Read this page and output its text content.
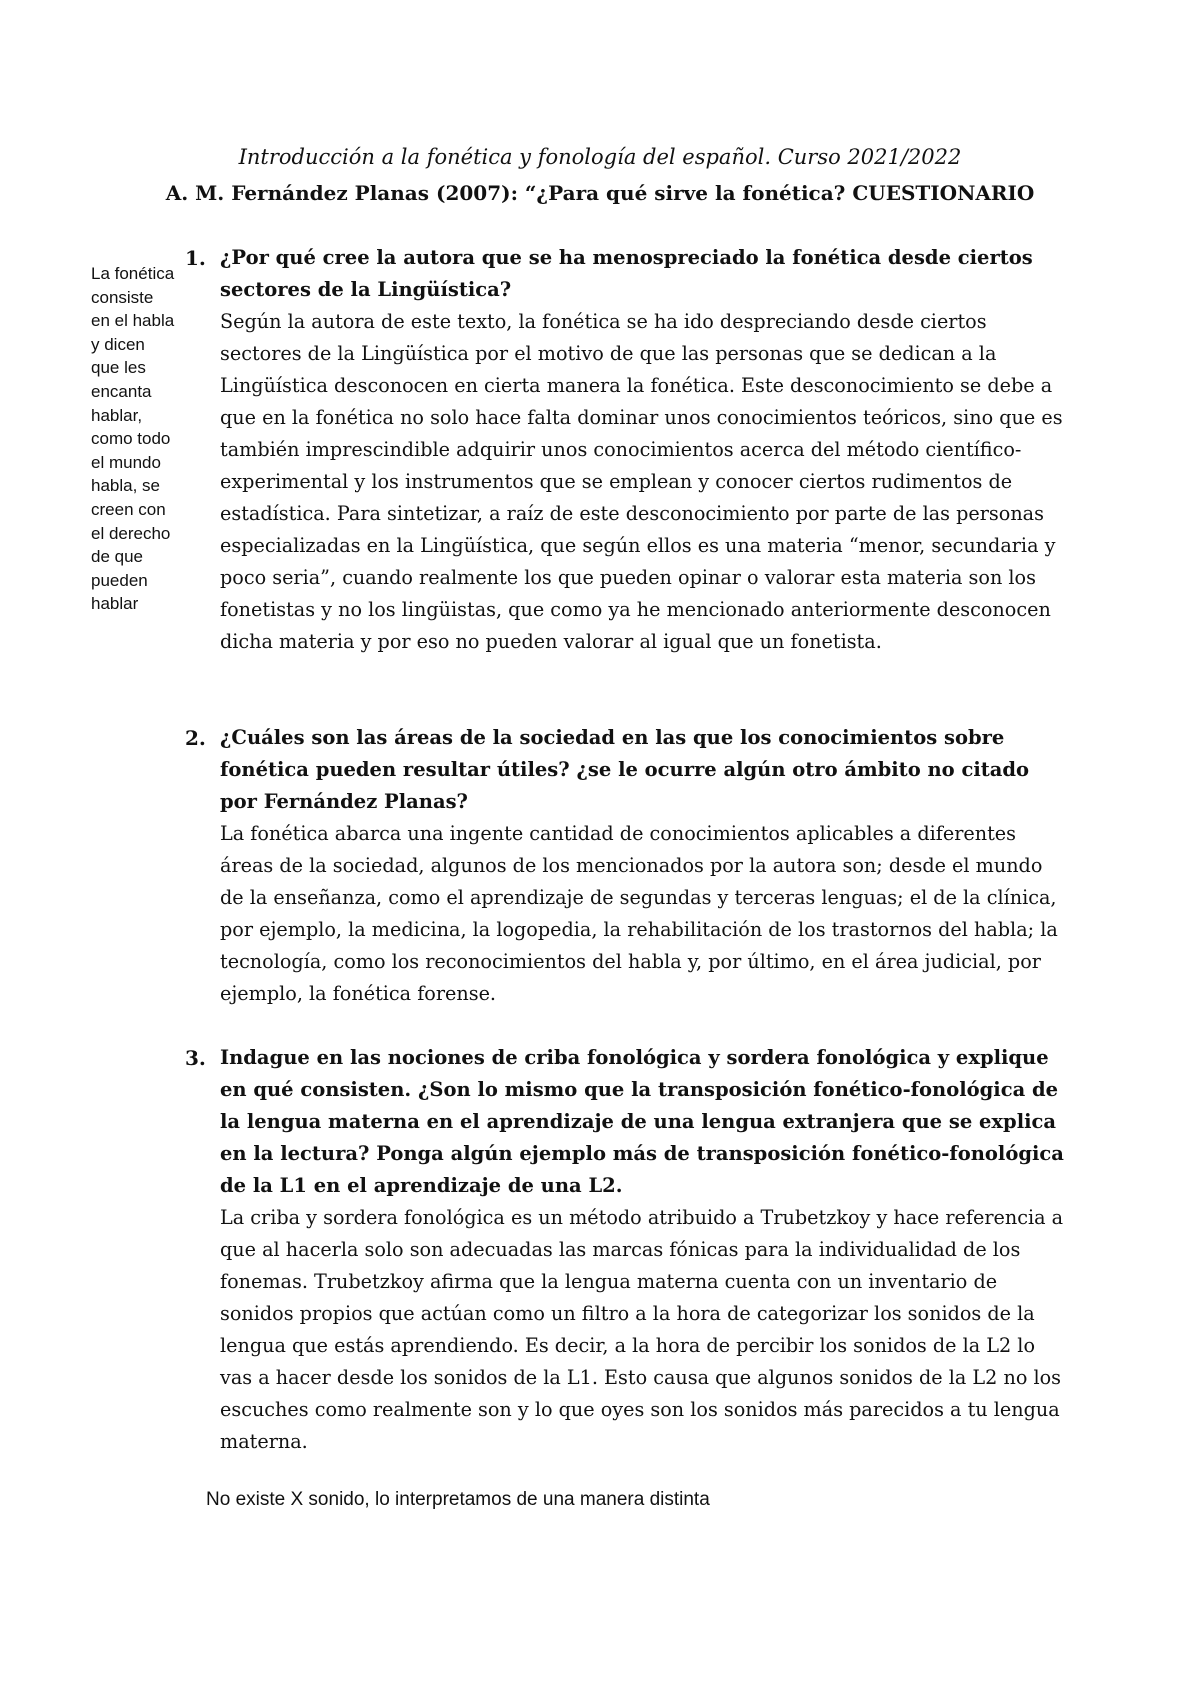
Introducción a la fonética y fonología del español. Curso 2021/2022
A. M. Fernández Planas (2007): “¿Para qué sirve la fonética? CUESTIONARIO
La fonética consiste en el habla y dicen que les encanta hablar, como todo el mundo habla, se creen con el derecho de que pueden hablar
1. ¿Por qué cree la autora que se ha menospreciado la fonética desde ciertos sectores de la Lingüística?
Según la autora de este texto, la fonética se ha ido despreciando desde ciertos sectores de la Lingüística por el motivo de que las personas que se dedican a la Lingüística desconocen en cierta manera la fonética. Este desconocimiento se debe a que en la fonética no solo hace falta dominar unos conocimientos teóricos, sino que es también imprescindible adquirir unos conocimientos acerca del método científico-experimental y los instrumentos que se emplean y conocer ciertos rudimentos de estadística. Para sintetizar, a raíz de este desconocimiento por parte de las personas especializadas en la Lingüística, que según ellos es una materia “menor, secundaria y poco seria”, cuando realmente los que pueden opinar o valorar esta materia son los fonetistas y no los lingüistas, que como ya he mencionado anteriormente desconocen dicha materia y por eso no pueden valorar al igual que un fonetista.
2. ¿Cuáles son las áreas de la sociedad en las que los conocimientos sobre fonética pueden resultar útiles? ¿se le ocurre algún otro ámbito no citado por Fernández Planas?
La fonética abarca una ingente cantidad de conocimientos aplicables a diferentes áreas de la sociedad, algunos de los mencionados por la autora son; desde el mundo de la enseñanza, como el aprendizaje de segundas y terceras lenguas; el de la clínica, por ejemplo, la medicina, la logopedia, la rehabilitación de los trastornos del habla; la tecnología, como los reconocimientos del habla y, por último, en el área judicial, por ejemplo, la fonética forense.
3. Indague en las nociones de criba fonológica y sordera fonológica y explique en qué consisten. ¿Son lo mismo que la transposición fonético-fonológica de la lengua materna en el aprendizaje de una lengua extranjera que se explica en la lectura? Ponga algún ejemplo más de transposición fonético-fonológica de la L1 en el aprendizaje de una L2.
La criba y sordera fonológica es un método atribuido a Trubetzkoy y hace referencia a que al hacerla solo son adecuadas las marcas fónicas para la individualidad de los fonemas. Trubetzkoy afirma que la lengua materna cuenta con un inventario de sonidos propios que actúan como un filtro a la hora de categorizar los sonidos de la lengua que estás aprendiendo. Es decir, a la hora de percibir los sonidos de la L2 lo vas a hacer desde los sonidos de la L1. Esto causa que algunos sonidos de la L2 no los escuches como realmente son y lo que oyes son los sonidos más parecidos a tu lengua materna.
No existe X sonido, lo interpretamos de una manera distinta
